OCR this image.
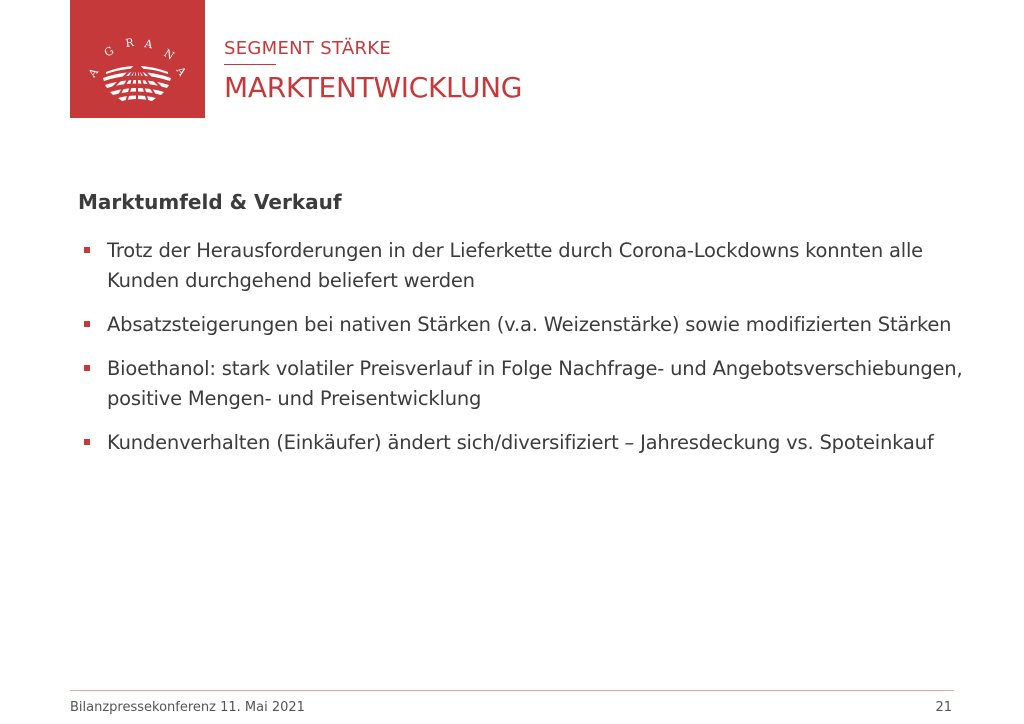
A
G
R A
N
A
SEGMENT STÄRKE
MARKTENTWICKLUNG
Marktumfeld & Verkauf
Trotz der Herausforderungen in der Lieferkette durch Corona-Lockdowns konnten alle Kunden durchgehend beliefert werden
Absatzsteigerungen bei nativen Stärken (v.a. Weizenstärke) sowie modifizierten Stärken
Bioethanol: stark volatiler Preisverlauf in Folge Nachfrage- und Angebotsverschiebungen, positive Mengen- und Preisentwicklung
Kundenverhalten (Einkäufer) ändert sich/diversifiziert – Jahresdeckung vs. Spoteinkauf
Bilanzpressekonferenz 11. Mai 2021	21
